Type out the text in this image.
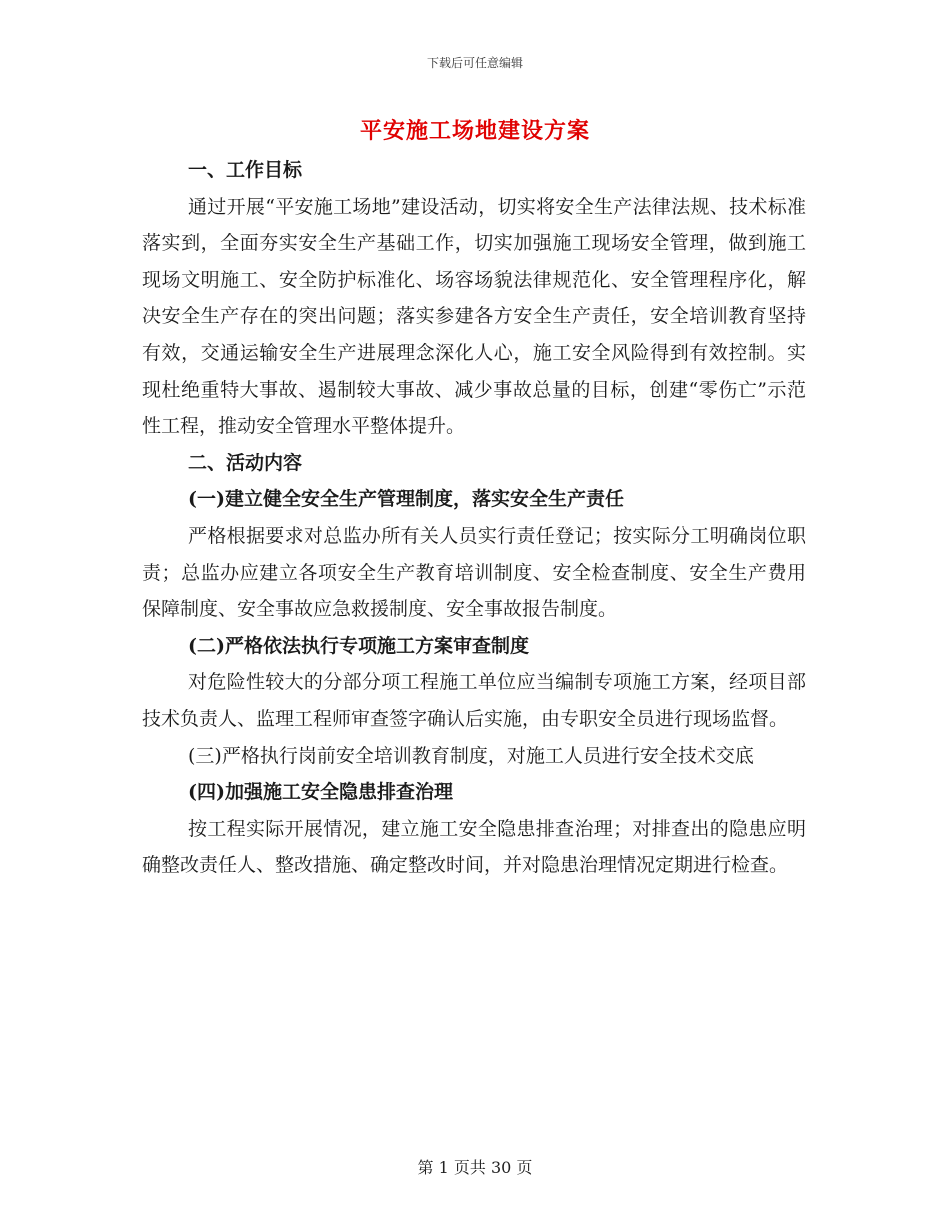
下载后可任意编辑
平安施工场地建设方案

一、工作目标

通过开展“平安施工场地”建设活动，切实将安全生产法律法规、技术标准落实到，全面夯实安全生产基础工作，切实加强施工现场安全管理，做到施工现场文明施工、安全防护标准化、场容场貌法律规范化、安全管理程序化，解决安全生产存在的突出问题；落实参建各方安全生产责任，安全培训教育坚持有效，交通运输安全生产进展理念深化人心，施工安全风险得到有效控制。实现杜绝重特大事故、遏制较大事故、减少事故总量的目标，创建“零伤亡”示范性工程，推动安全管理水平整体提升。

二、活动内容

(一)建立健全安全生产管理制度，落实安全生产责任

严格根据要求对总监办所有关人员实行责任登记；按实际分工明确岗位职责；总监办应建立各项安全生产教育培训制度、安全检查制度、安全生产费用保障制度、安全事故应急救援制度、安全事故报告制度。

(二)严格依法执行专项施工方案审查制度

对危险性较大的分部分项工程施工单位应当编制专项施工方案，经项目部技术负责人、监理工程师审查签字确认后实施，由专职安全员进行现场监督。

(三)严格执行岗前安全培训教育制度，对施工人员进行安全技术交底

(四)加强施工安全隐患排查治理

按工程实际开展情况，建立施工安全隐患排查治理；对排查出的隐患应明确整改责任人、整改措施、确定整改时间，并对隐患治理情况定期进行检查。

第 1 页共 30 页
